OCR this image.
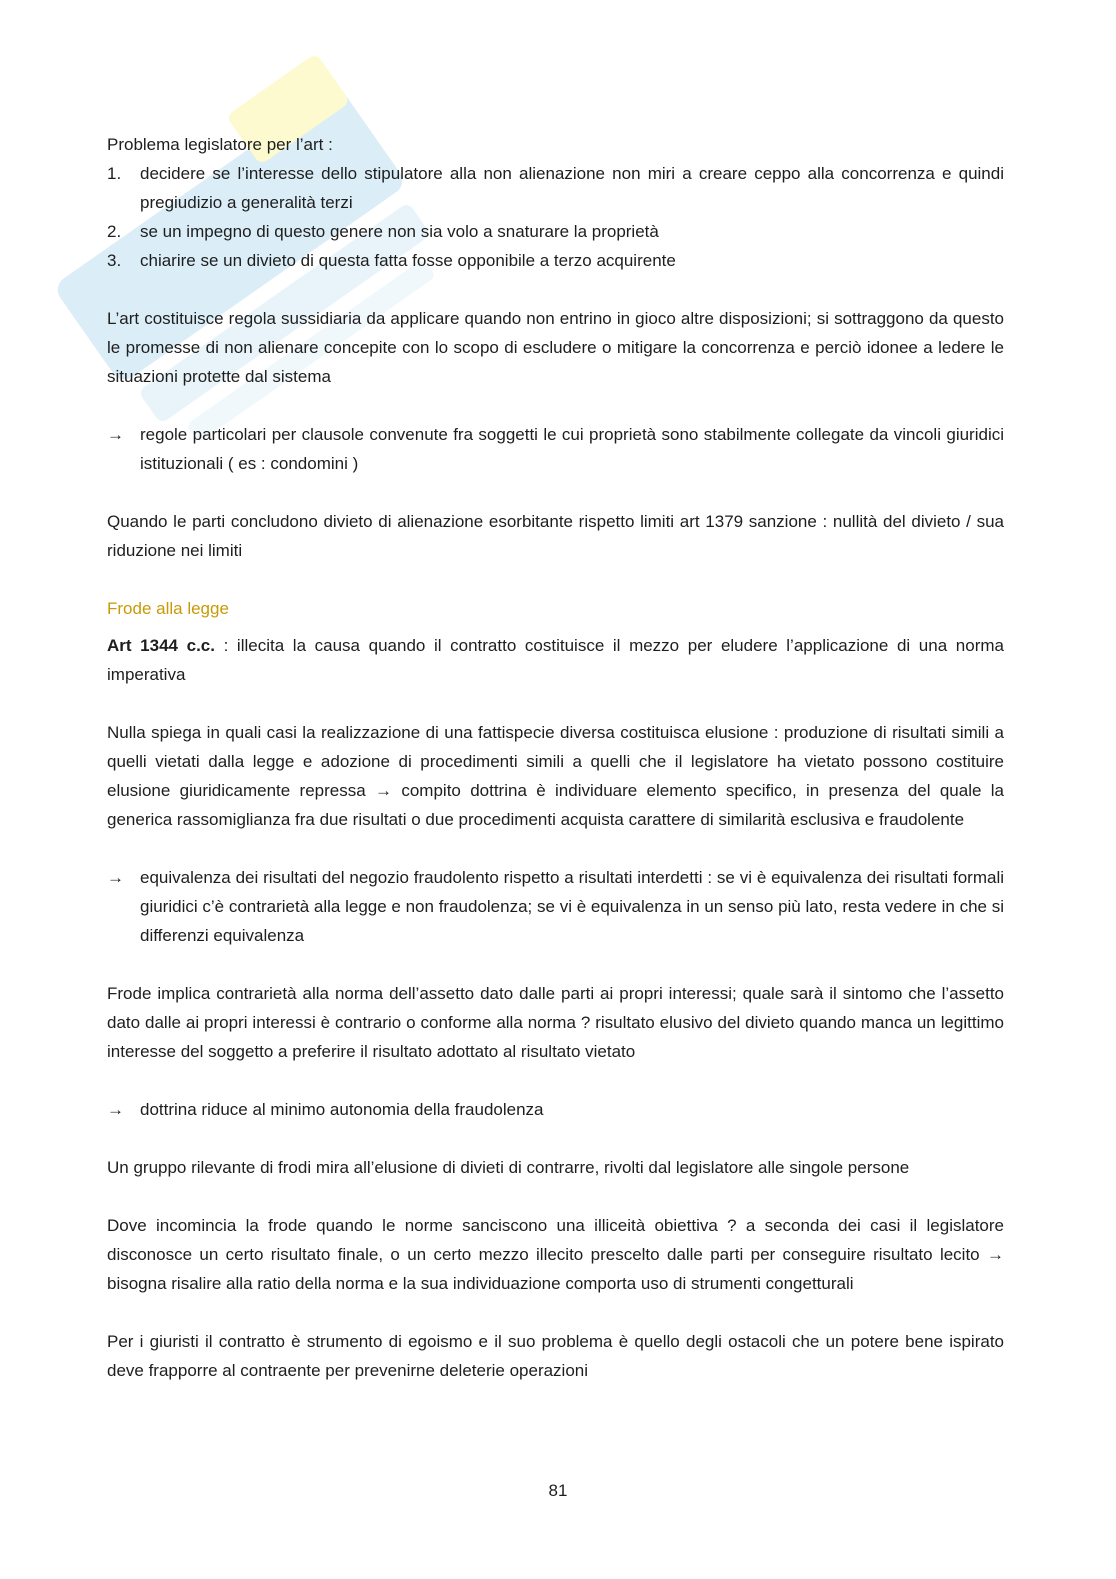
Problema legislatore per l’art :

1. decidere se l’interesse dello stipulatore alla non alienazione non miri a creare ceppo alla concorrenza e quindi pregiudizio a generalità terzi
2. se un impegno di questo genere non sia volo a snaturare la proprietà
3. chiarire se un divieto di questa fatta fosse opponibile a terzo acquirente

L’art costituisce regola sussidiaria da applicare quando non entrino in gioco altre disposizioni; si sottraggono da questo le promesse di non alienare concepite con lo scopo di escludere o mitigare la concorrenza e perciò idonee a ledere le situazioni protette dal sistema

→ regole particolari per clausole convenute fra soggetti le cui proprietà sono stabilmente collegate da vincoli giuridici istituzionali ( es : condomini )

Quando le parti concludono divieto di alienazione esorbitante rispetto limiti art 1379 sanzione : nullità del divieto / sua riduzione nei limiti

Frode alla legge

Art 1344 c.c. : illecita la causa quando il contratto costituisce il mezzo per eludere l’applicazione di una norma imperativa

Nulla spiega in quali casi la realizzazione di una fattispecie diversa costituisca elusione : produzione di risultati simili a quelli vietati dalla legge e adozione di procedimenti simili a quelli che il legislatore ha vietato possono costituire elusione giuridicamente repressa → compito dottrina è individuare elemento specifico, in presenza del quale la generica rassomiglianza fra due risultati o due procedimenti acquista carattere di similarità esclusiva e fraudolente

→ equivalenza dei risultati del negozio fraudolento rispetto a risultati interdetti : se vi è equivalenza dei risultati formali giuridici c’è contrarietà alla legge e non fraudolenza; se vi è equivalenza in un senso più lato, resta vedere in che si differenzi equivalenza

Frode implica contrarietà alla norma dell’assetto dato dalle parti ai propri interessi; quale sarà il sintomo che l’assetto dato dalle ai propri interessi è contrario o conforme alla norma ? risultato elusivo del divieto quando manca un legittimo interesse del soggetto a preferire il risultato adottato al risultato vietato

→ dottrina riduce al minimo autonomia della fraudolenza

Un gruppo rilevante di frodi mira all’elusione di divieti di contrarre, rivolti dal legislatore alle singole persone

Dove incomincia la frode quando le norme sanciscono una illiceità obiettiva ? a seconda dei casi il legislatore disconosce un certo risultato finale, o un certo mezzo illecito prescelto dalle parti per conseguire risultato lecito → bisogna risalire alla ratio della norma e la sua individuazione comporta uso di strumenti congetturali

Per i giuristi il contratto è strumento di egoismo e il suo problema è quello degli ostacoli che un potere bene ispirato deve frapporre al contraente per prevenirne deleterie operazioni

81
